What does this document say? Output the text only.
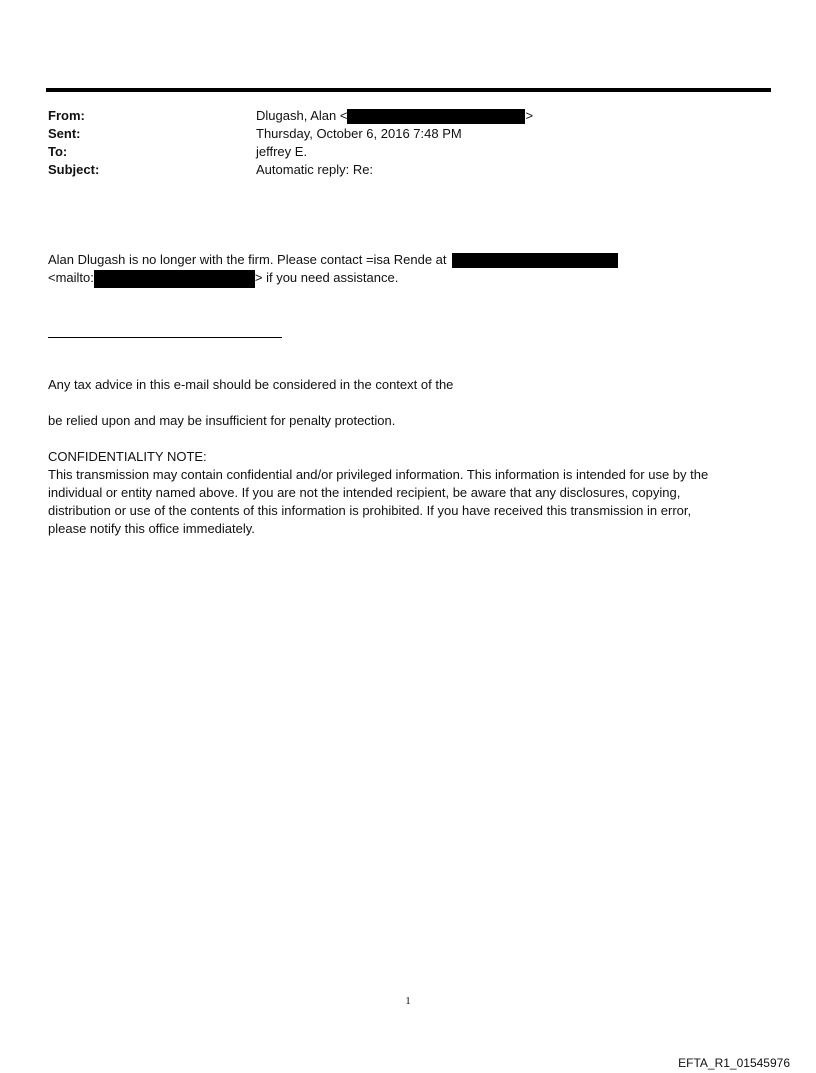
From:	Dlugash, Alan <	>
Sent:	Thursday, October 6, 2016 7:48 PM
To:	jeffrey E.
Subject:	Automatic reply: Re:
Alan Dlugash is no longer with the firm. Please contact =isa Rende at
<mailto:	> if you need assistance.
Any tax advice in this e-mail should be considered in the context of the
be relied upon and may be insufficient for penalty protection.
CONFIDENTIALITY NOTE:
This transmission may contain confidential and/or privileged information. This information is intended for use by the
individual or entity named above. If you are not the intended recipient, be aware that any disclosures, copying,
distribution or use of the contents of this information is prohibited. If you have received this transmission in error,
please notify this office immediately.
1
EFTA_R1_01545976
